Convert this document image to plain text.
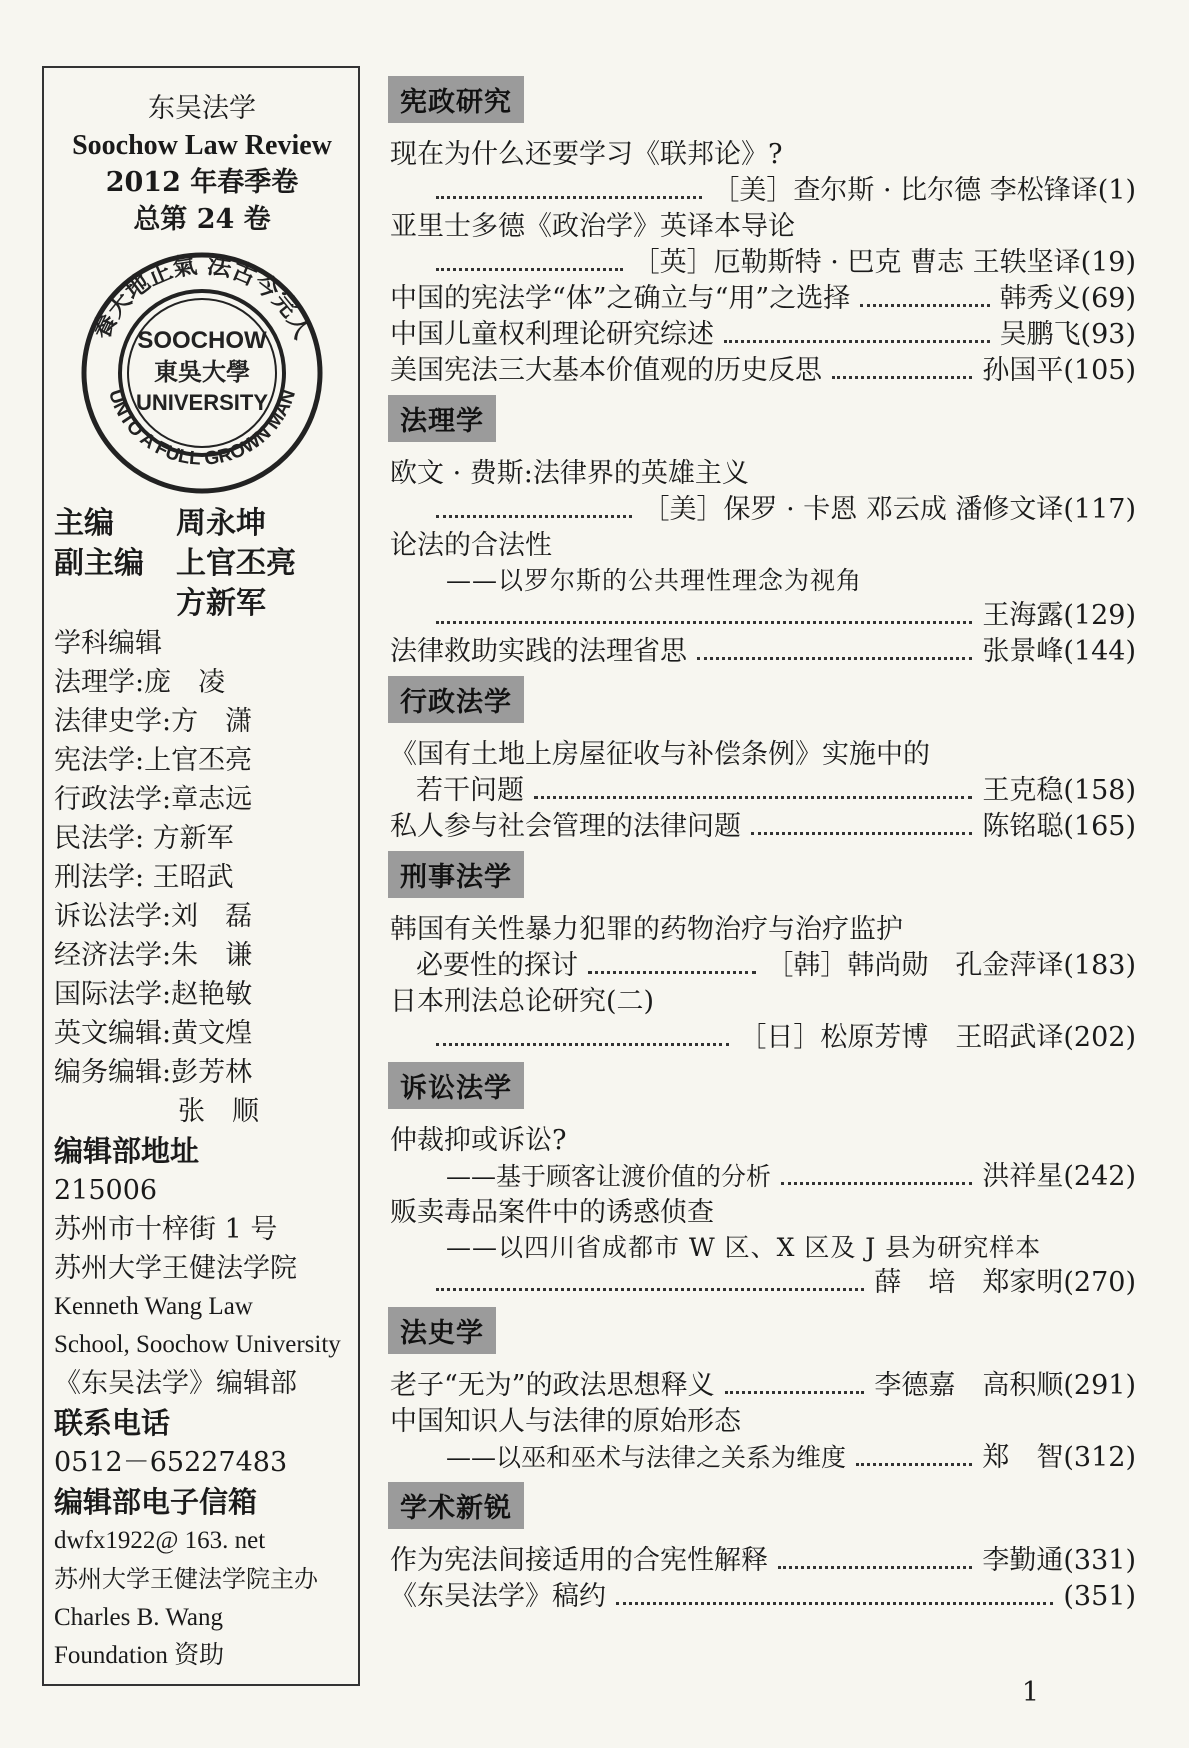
东吴法学
Soochow Law Review
2012 年春季卷
总第 24 卷
養天地正氣 法古今完人
UNTO A FULL GROWN MAN
SOOCHOW
東吳大學
UNIVERSITY
主编	周永坤
副主编	上官丕亮
方新军
学科编辑
法理学:庞　凌
法律史学:方　潇
宪法学:上官丕亮
行政法学:章志远
民法学: 方新军
刑法学: 王昭武
诉讼法学:刘　磊
经济法学:朱　谦
国际法学:赵艳敏
英文编辑:黄文煌
编务编辑:彭芳林
张　顺
编辑部地址
215006
苏州市十梓街 1 号
苏州大学王健法学院
Kenneth Wang Law
School, Soochow University
《东吴法学》编辑部
联系电话
0512－65227483
编辑部电子信箱
dwfx1922@ 163. net
苏州大学王健法学院主办
Charles B. Wang
Foundation 资助
宪政研究
现在为什么还要学习《联邦论》?
［美］查尔斯 · 比尔德 李松锋译(1)
亚里士多德《政治学》英译本导论
［英］厄勒斯特 · 巴克 曹志 王轶坚译(19)
中国的宪法学“体”之确立与“用”之选择	韩秀义(69)
中国儿童权利理论研究综述	吴鹏飞(93)
美国宪法三大基本价值观的历史反思	孙国平(105)
法理学
欧文 · 费斯:法律界的英雄主义
［美］保罗 · 卡恩 邓云成 潘修文译(117)
论法的合法性
——以罗尔斯的公共理性理念为视角
王海露(129)
法律救助实践的法理省思	张景峰(144)
行政法学
《国有土地上房屋征收与补偿条例》实施中的
若干问题	王克稳(158)
私人参与社会管理的法律问题	陈铭聪(165)
刑事法学
韩国有关性暴力犯罪的药物治疗与治疗监护
必要性的探讨	［韩］韩尚勋　孔金萍译(183)
日本刑法总论研究(二)
［日］松原芳博　王昭武译(202)
诉讼法学
仲裁抑或诉讼?
——基于顾客让渡价值的分析	洪祥星(242)
贩卖毒品案件中的诱惑侦查
——以四川省成都市 W 区、X 区及 J 县为研究样本
薛　培　郑家明(270)
法史学
老子“无为”的政法思想释义	李德嘉　高积顺(291)
中国知识人与法律的原始形态
——以巫和巫术与法律之关系为维度	郑　智(312)
学术新锐
作为宪法间接适用的合宪性解释	李勤通(331)
《东吴法学》稿约	(351)
1
